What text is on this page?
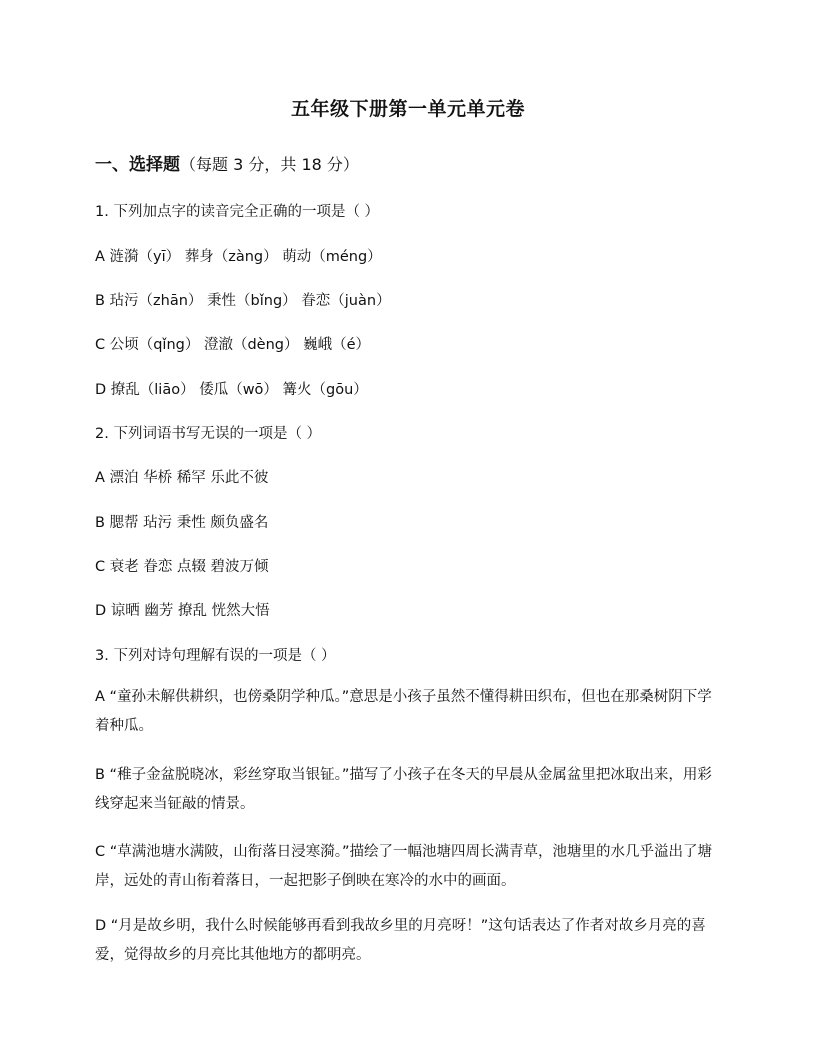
五年级下册第一单元单元卷
一、选择题（每题 3 分，共 18 分）
1. 下列加点字的读音完全正确的一项是（ ）
A 涟漪（yī） 葬身（zàng） 萌动（méng）
B 玷污（zhān） 秉性（bǐng） 眷恋（juàn）
C 公顷（qǐng） 澄澈（dèng） 巍峨（é）
D 撩乱（liāo） 倭瓜（wō） 篝火（gōu）
2. 下列词语书写无误的一项是（ ）
A 漂泊 华桥 稀罕 乐此不彼
B 腮帮 玷污 秉性 颇负盛名
C 衰老 眷恋 点辍 碧波万倾
D 谅晒 幽芳 撩乱 恍然大悟
3. 下列对诗句理解有误的一项是（ ）
A “童孙未解供耕织，也傍桑阴学种瓜。”意思是小孩子虽然不懂得耕田织布，但也在那桑树阴下学着种瓜。
B “稚子金盆脱晓冰，彩丝穿取当银钲。”描写了小孩子在冬天的早晨从金属盆里把冰取出来，用彩线穿起来当钲敲的情景。
C “草满池塘水满陂，山衔落日浸寒漪。”描绘了一幅池塘四周长满青草，池塘里的水几乎溢出了塘岸，远处的青山衔着落日，一起把影子倒映在寒冷的水中的画面。
D “月是故乡明，我什么时候能够再看到我故乡里的月亮呀！”这句话表达了作者对故乡月亮的喜爱，觉得故乡的月亮比其他地方的都明亮。
